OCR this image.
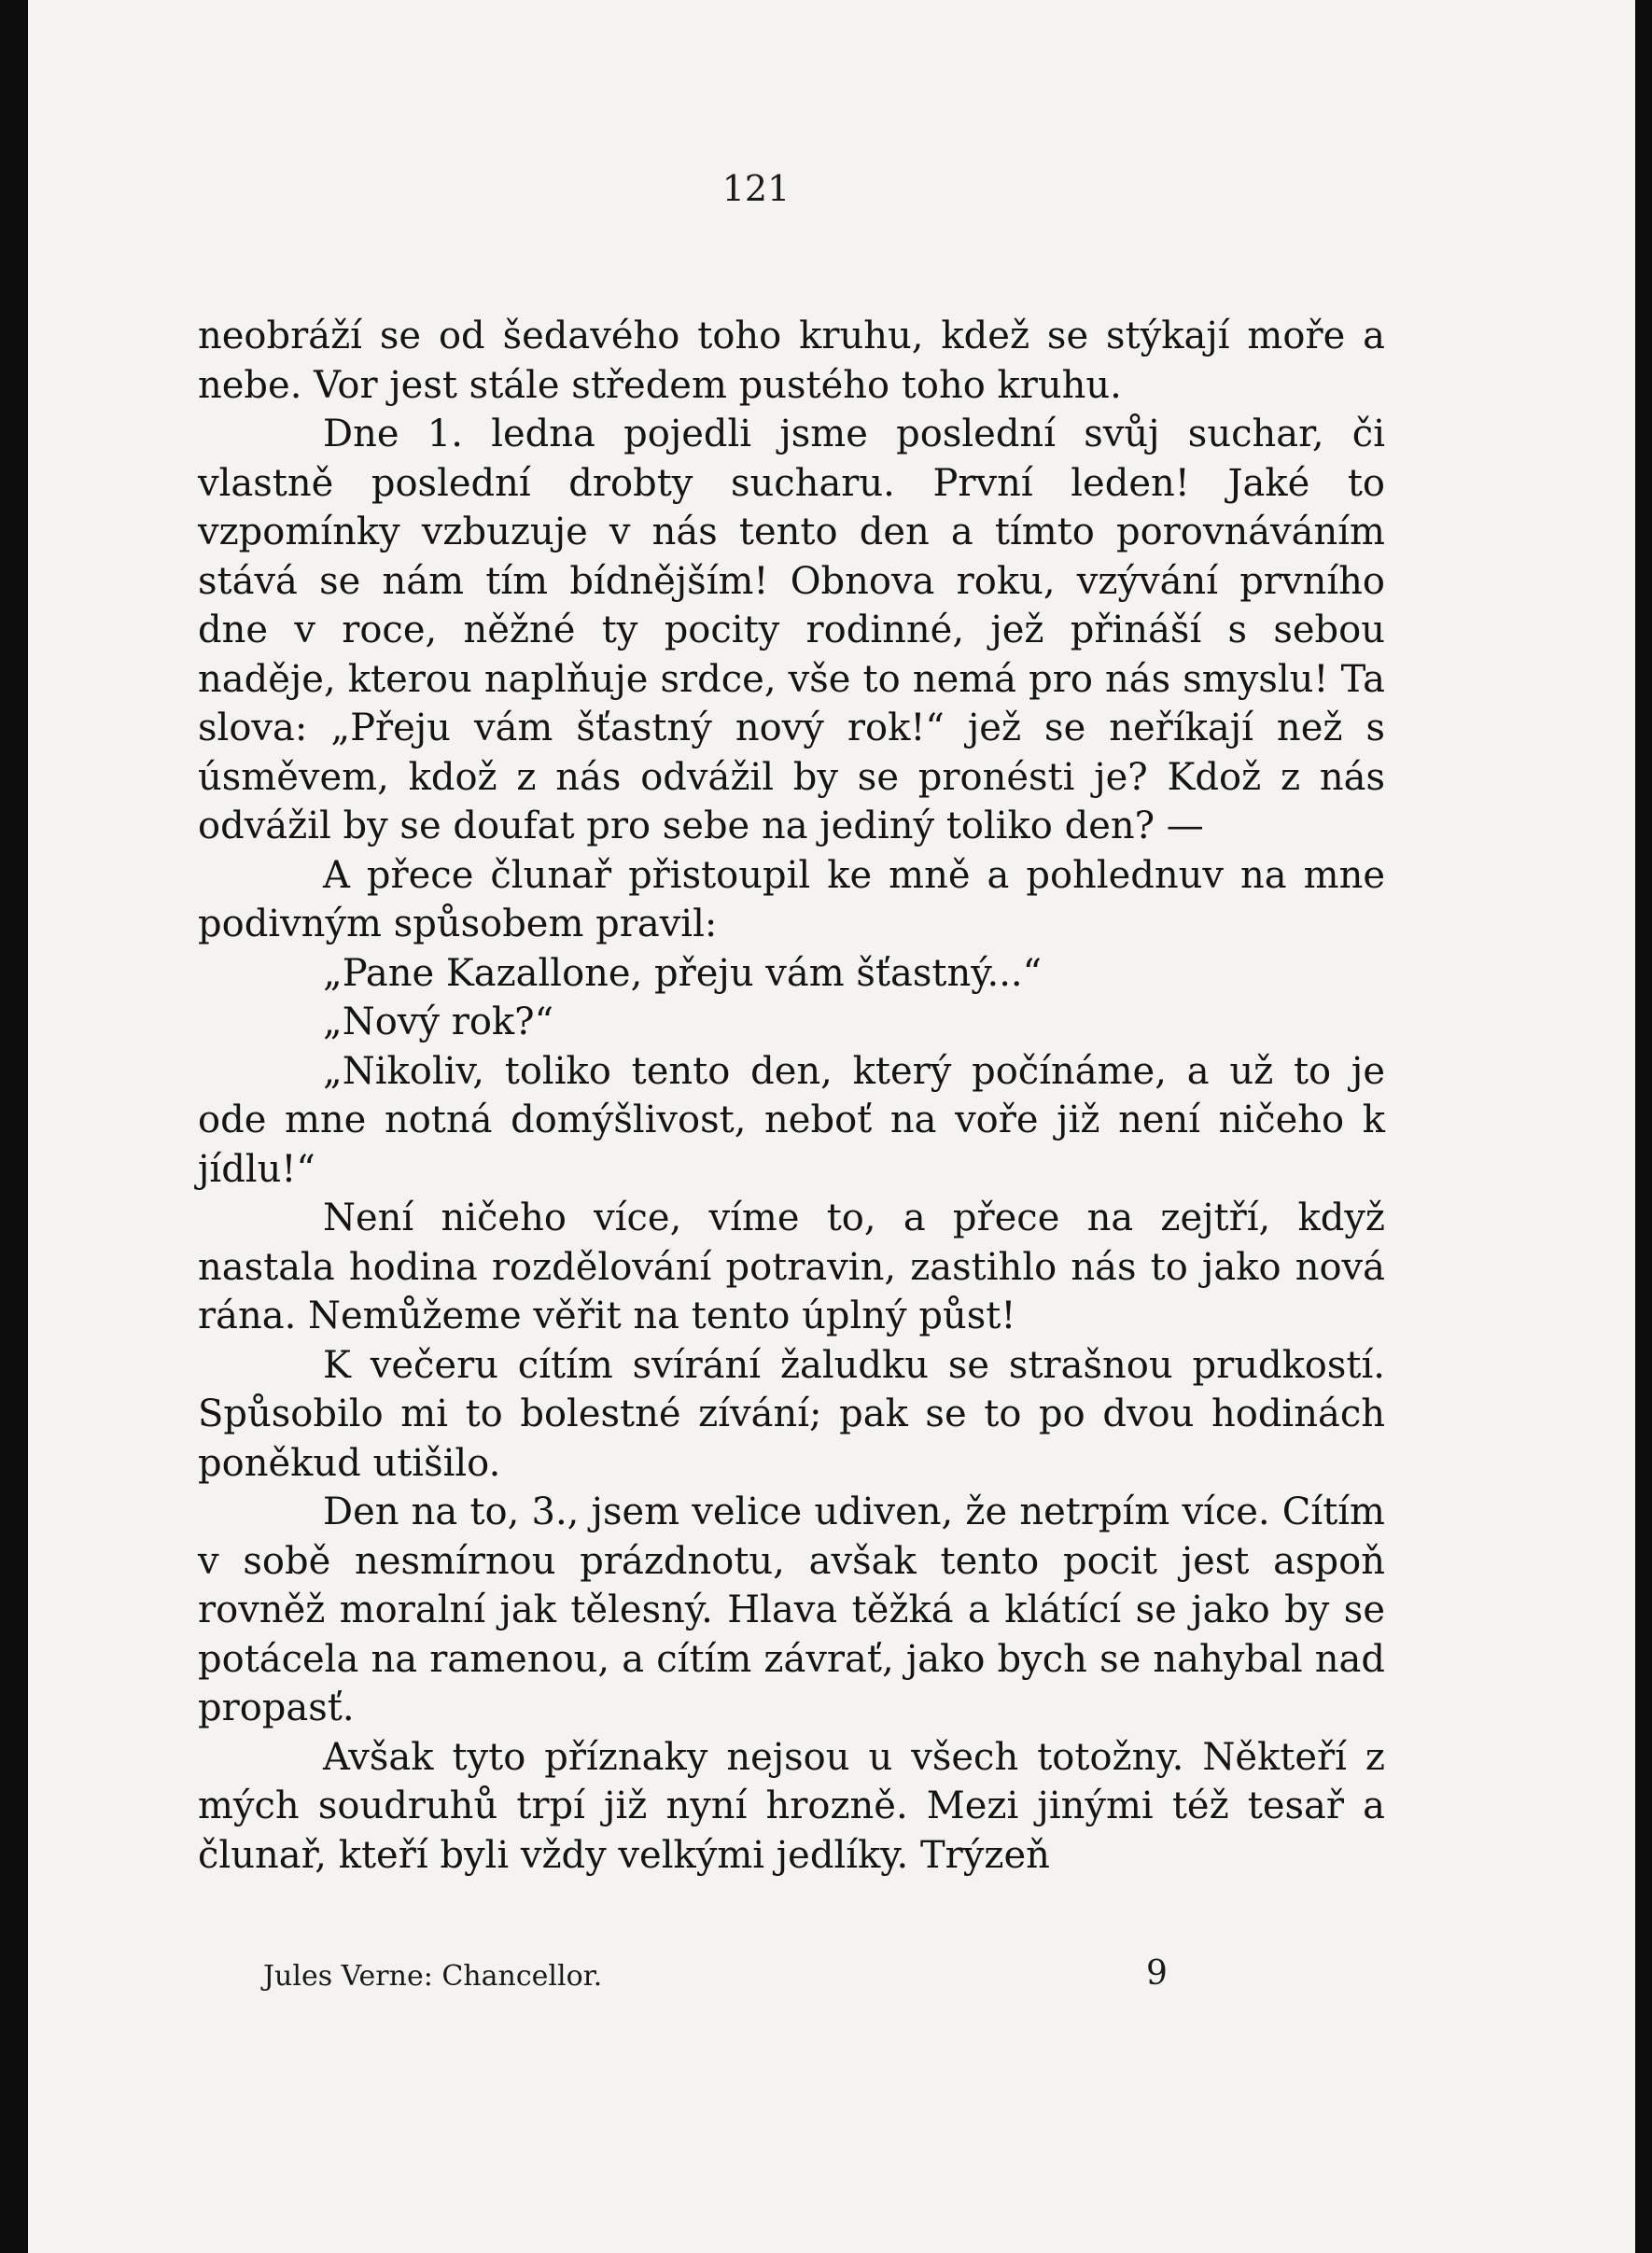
121

neobráží se od šedavého toho kruhu, kdež se stýkají moře a nebe. Vor jest stále středem pustého toho kruhu.

Dne 1. ledna pojedli jsme poslední svůj suchar, či vlastně poslední drobty sucharu. První leden! Jaké to vzpomínky vzbuzuje v nás tento den a tímto porovnáváním stává se nám tím bídnějším! Obnova roku, vzývání prvního dne v roce, něžné ty pocity rodinné, jež přináší s sebou naděje, kterou naplňuje srdce, vše to nemá pro nás smyslu! Ta slova: „Přeju vám šťastný nový rok!“ jež se neříkají než s úsměvem, kdož z nás odvážil by se pronésti je? Kdož z nás odvážil by se doufat pro sebe na jediný toliko den? —

A přece člunař přistoupil ke mně a pohlednuv na mne podivným spůsobem pravil:

„Pane Kazallone, přeju vám šťastný...“

„Nový rok?“

„Nikoliv, toliko tento den, který počínáme, a už to je ode mne notná domýšlivost, neboť na voře již není ničeho k jídlu!“

Není ničeho více, víme to, a přece na zejtří, když nastala hodina rozdělování potravin, zastihlo nás to jako nová rána. Nemůžeme věřit na tento úplný půst!

K večeru cítím svírání žaludku se strašnou prudkostí. Spůsobilo mi to bolestné zívání; pak se to po dvou hodinách poněkud utišilo.

Den na to, 3., jsem velice udiven, že netrpím více. Cítím v sobě nesmírnou prázdnotu, avšak tento pocit jest aspoň rovněž moralní jak tělesný. Hlava těžká a klátící se jako by se potácela na ramenou, a cítím závrať, jako bych se nahybal nad propasť.

Avšak tyto příznaky nejsou u všech totožny. Někteří z mých soudruhů trpí již nyní hrozně. Mezi jinými též tesař a člunař, kteří byli vždy velkými jedlíky. Trýzeň

Jules Verne: Chancellor.	9
